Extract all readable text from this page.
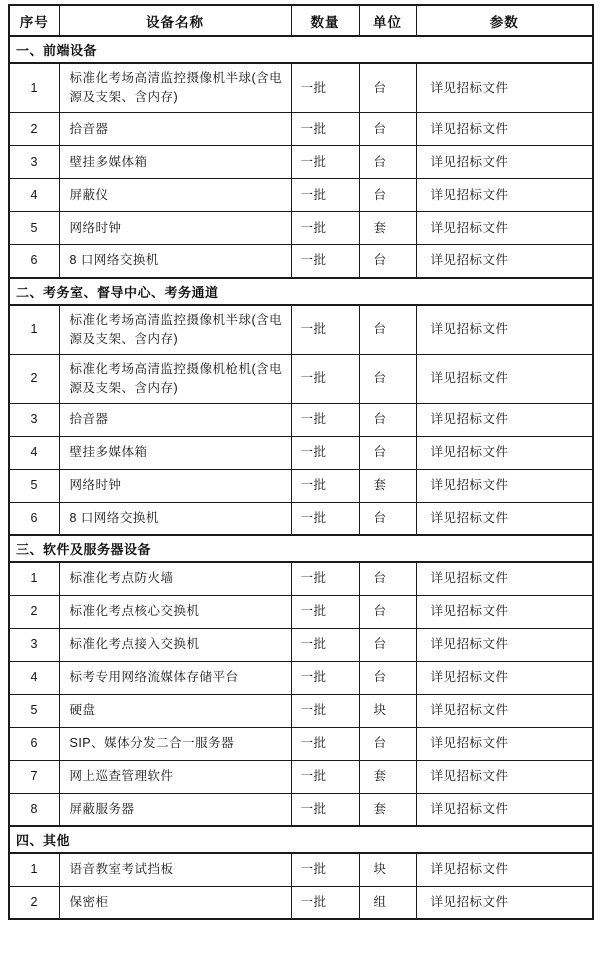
序号	设备名称	数量	单位	参数
一、前端设备				
1	标准化考场高清监控摄像机半球(含电源及支架、含内存)	一批	台	详见招标文件
2	拾音器	一批	台	详见招标文件
3	壁挂多媒体箱	一批	台	详见招标文件
4	屏蔽仪	一批	台	详见招标文件
5	网络时钟	一批	套	详见招标文件
6	8 口网络交换机	一批	台	详见招标文件
二、考务室、督导中心、考务通道				
1	标准化考场高清监控摄像机半球(含电源及支架、含内存)	一批	台	详见招标文件
2	标准化考场高清监控摄像机枪机(含电源及支架、含内存)	一批	台	详见招标文件
3	拾音器	一批	台	详见招标文件
4	壁挂多媒体箱	一批	台	详见招标文件
5	网络时钟	一批	套	详见招标文件
6	8 口网络交换机	一批	台	详见招标文件
三、软件及服务器设备				
1	标准化考点防火墙	一批	台	详见招标文件
2	标准化考点核心交换机	一批	台	详见招标文件
3	标准化考点接入交换机	一批	台	详见招标文件
4	标考专用网络流媒体存储平台	一批	台	详见招标文件
5	硬盘	一批	块	详见招标文件
6	SIP、媒体分发二合一服务器	一批	台	详见招标文件
7	网上巡查管理软件	一批	套	详见招标文件
8	屏蔽服务器	一批	套	详见招标文件
四、其他				
1	语音教室考试挡板	一批	块	详见招标文件
2	保密柜	一批	组	详见招标文件
